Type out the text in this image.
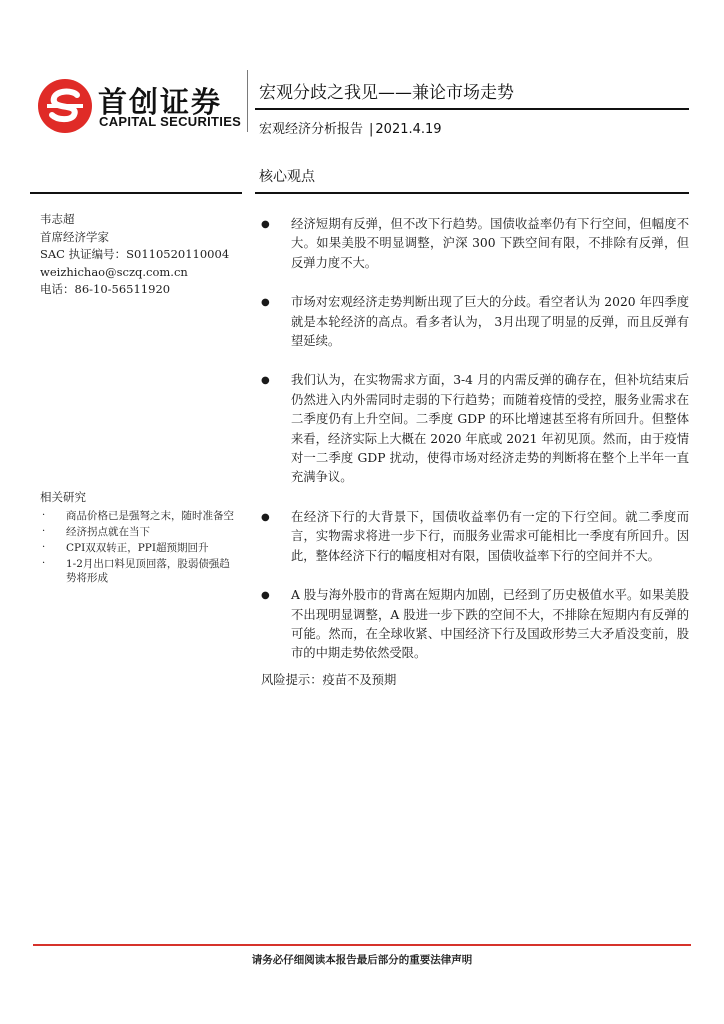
首创证券
CAPITAL SECURITIES
宏观分歧之我见——兼论市场走势
宏观经济分析报告 | 2021.4.19
核心观点
韦志超
首席经济学家
SAC 执证编号：S0110520110004
weizhichao@sczq.com.cn
电话：86-10-56511920
相关研究
· 商品价格已是强弩之末，随时准备空
· 经济拐点就在当下
· CPI双双转正，PPI超预期回升
· 1-2月出口料见顶回落，股弱债强趋势将形成
● 经济短期有反弹，但不改下行趋势。国债收益率仍有下行空间，但幅度不大。如果美股不明显调整，沪深 300 下跌空间有限，不排除有反弹，但反弹力度不大。
● 市场对宏观经济走势判断出现了巨大的分歧。看空者认为 2020 年四季度就是本轮经济的高点。看多者认为， 3月出现了明显的反弹，而且反弹有望延续。
● 我们认为，在实物需求方面，3-4 月的内需反弹的确存在，但补坑结束后仍然进入内外需同时走弱的下行趋势；而随着疫情的受控，服务业需求在二季度仍有上升空间。二季度 GDP 的环比增速甚至将有所回升。但整体来看，经济实际上大概在 2020 年底或 2021 年初见顶。然而，由于疫情对一二季度 GDP 扰动，使得市场对经济走势的判断将在整个上半年一直充满争议。
● 在经济下行的大背景下，国债收益率仍有一定的下行空间。就二季度而言，实物需求将进一步下行，而服务业需求可能相比一季度有所回升。因此，整体经济下行的幅度相对有限，国债收益率下行的空间并不大。
● A 股与海外股市的背离在短期内加剧，已经到了历史极值水平。如果美股不出现明显调整，A 股进一步下跌的空间不大，不排除在短期内有反弹的可能。然而，在全球收紧、中国经济下行及国政形势三大矛盾没变前，股市的中期走势依然受限。
风险提示：疫苗不及预期
请务必仔细阅读本报告最后部分的重要法律声明
